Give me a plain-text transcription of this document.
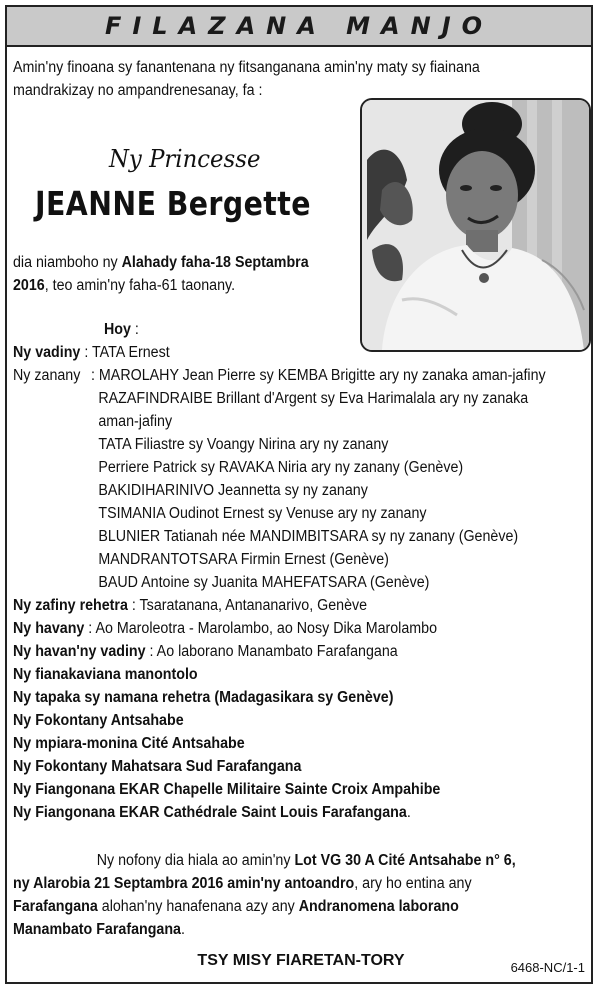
FILAZANA MANJO
Amin'ny finoana sy fanantenana ny fitsanganana amin'ny maty sy fiainana
mandrakizay no ampandrenesanay, fa :
Ny Princesse
JEANNE Bergette
dia niamboho ny Alahady faha-18 Septambra
2016, teo amin'ny faha-61 taonany.
Hoy :
Ny vadiny : TATA Ernest
Ny zanany : MAROLAHY Jean Pierre sy KEMBA Brigitte ary ny zanaka aman-jafiny
RAZAFINDRAIBE Brillant d'Argent sy Eva Harimalala ary ny zanaka
aman-jafiny
TATA Filiastre sy Voangy Nirina ary ny zanany
Perriere Patrick sy RAVAKA Niria ary ny zanany (Genève)
BAKIDIHARINIVO Jeannetta sy ny zanany
TSIMANIA Oudinot Ernest sy Venuse ary ny zanany
BLUNIER Tatianah née MANDIMBITSARA sy ny zanany (Genève)
MANDRANTOTSARA Firmin Ernest (Genève)
BAUD Antoine sy Juanita MAHEFATSARA (Genève)
Ny zafiny rehetra : Tsaratanana, Antananarivo, Genève
Ny havany : Ao Maroleotra - Marolambo, ao Nosy Dika Marolambo
Ny havan'ny vadiny : Ao laborano Manambato Farafangana
Ny fianakaviana manontolo
Ny tapaka sy namana rehetra (Madagasikara sy Genève)
Ny Fokontany Antsahabe
Ny mpiara-monina Cité Antsahabe
Ny Fokontany Mahatsara Sud Farafangana
Ny Fiangonana EKAR Chapelle Militaire Sainte Croix Ampahibe
Ny Fiangonana EKAR Cathédrale Saint Louis Farafangana.
Ny nofony dia hiala ao amin'ny Lot VG 30 A Cité Antsahabe n° 6,
ny Alarobia 21 Septambra 2016 amin'ny antoandro, ary ho entina any
Farafangana alohan'ny hanafenana azy any Andranomena laborano
Manambato Farafangana.
TSY MISY FIARETAN-TORY	6468-NC/1-1
